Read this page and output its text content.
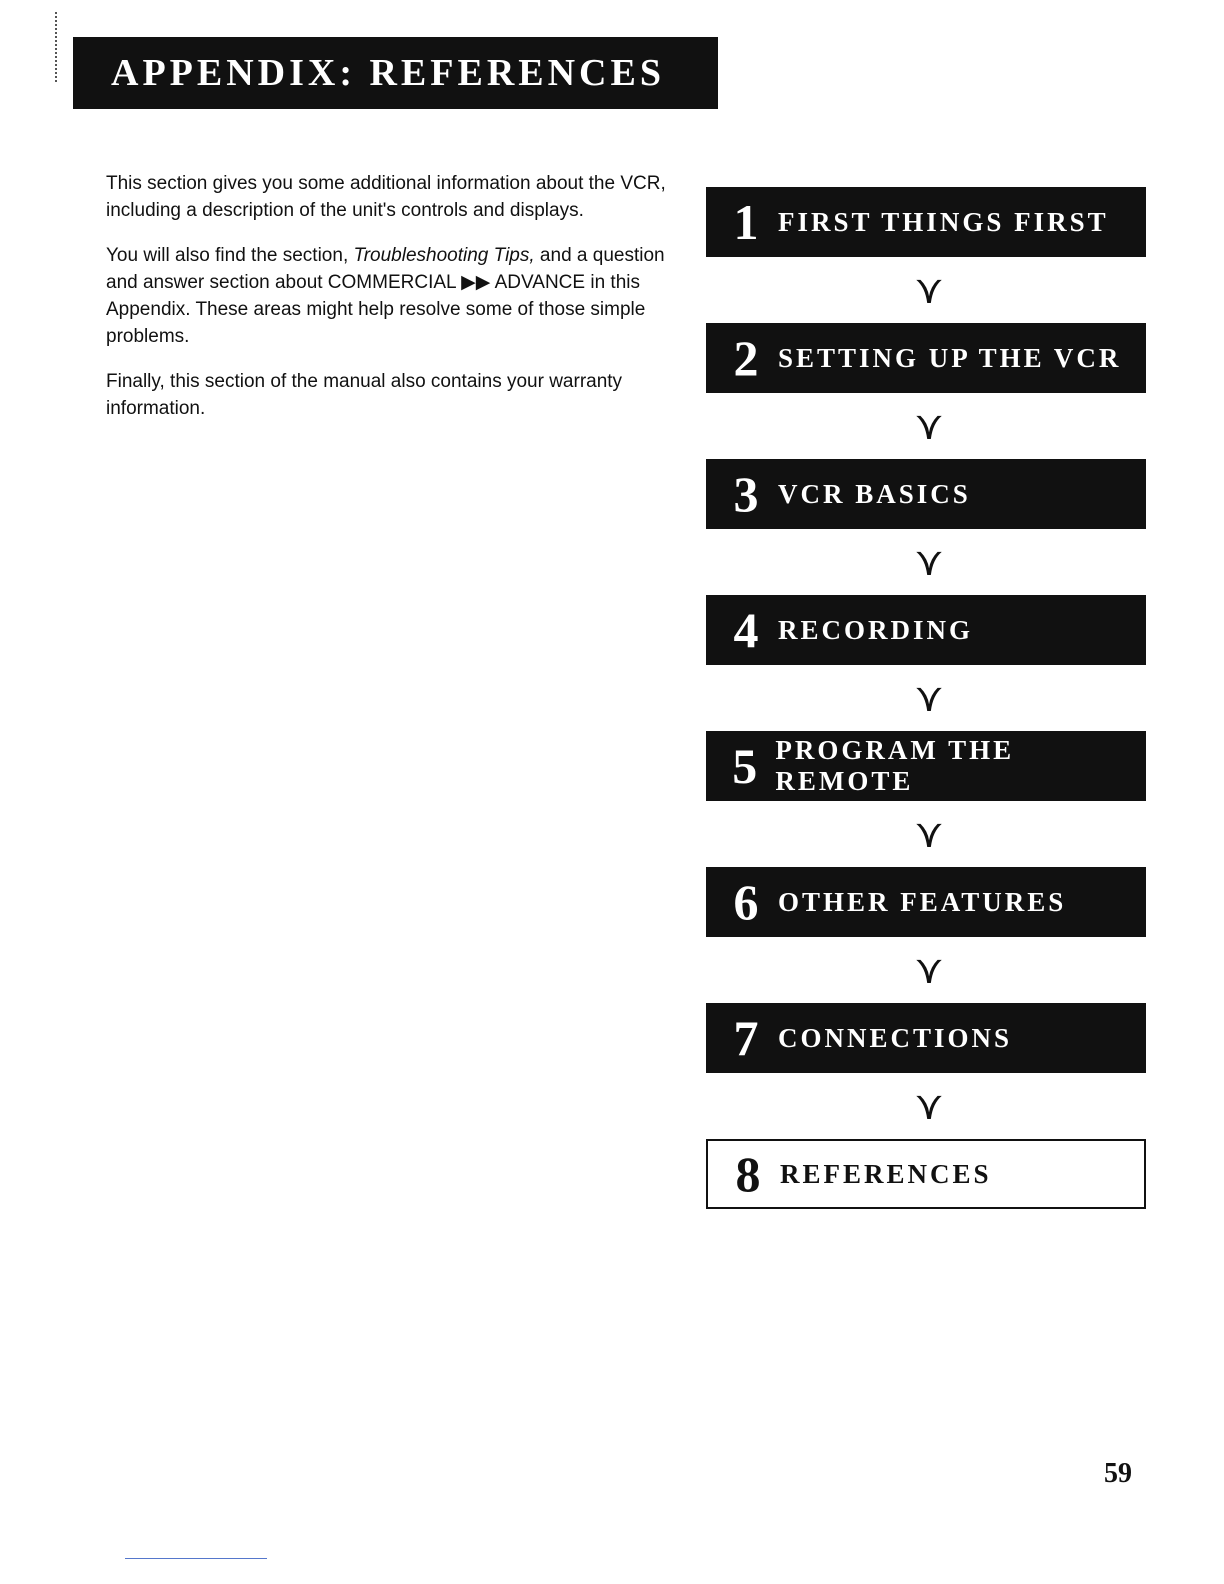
APPENDIX: REFERENCES

This section gives you some additional information about the VCR, including a description of the unit's controls and displays.

You will also find the section, Troubleshooting Tips, and a question and answer section about COMMERCIAL ▶▶ ADVANCE in this Appendix. These areas might help resolve some of those simple problems.

Finally, this section of the manual also contains your warranty information.

1 FIRST THINGS FIRST
⋎
2 SETTING UP THE VCR
⋎
3 VCR BASICS
⋎
4 RECORDING
⋎
5 PROGRAM THE REMOTE
⋎
6 OTHER FEATURES
⋎
7 CONNECTIONS
⋎
8 REFERENCES
59
